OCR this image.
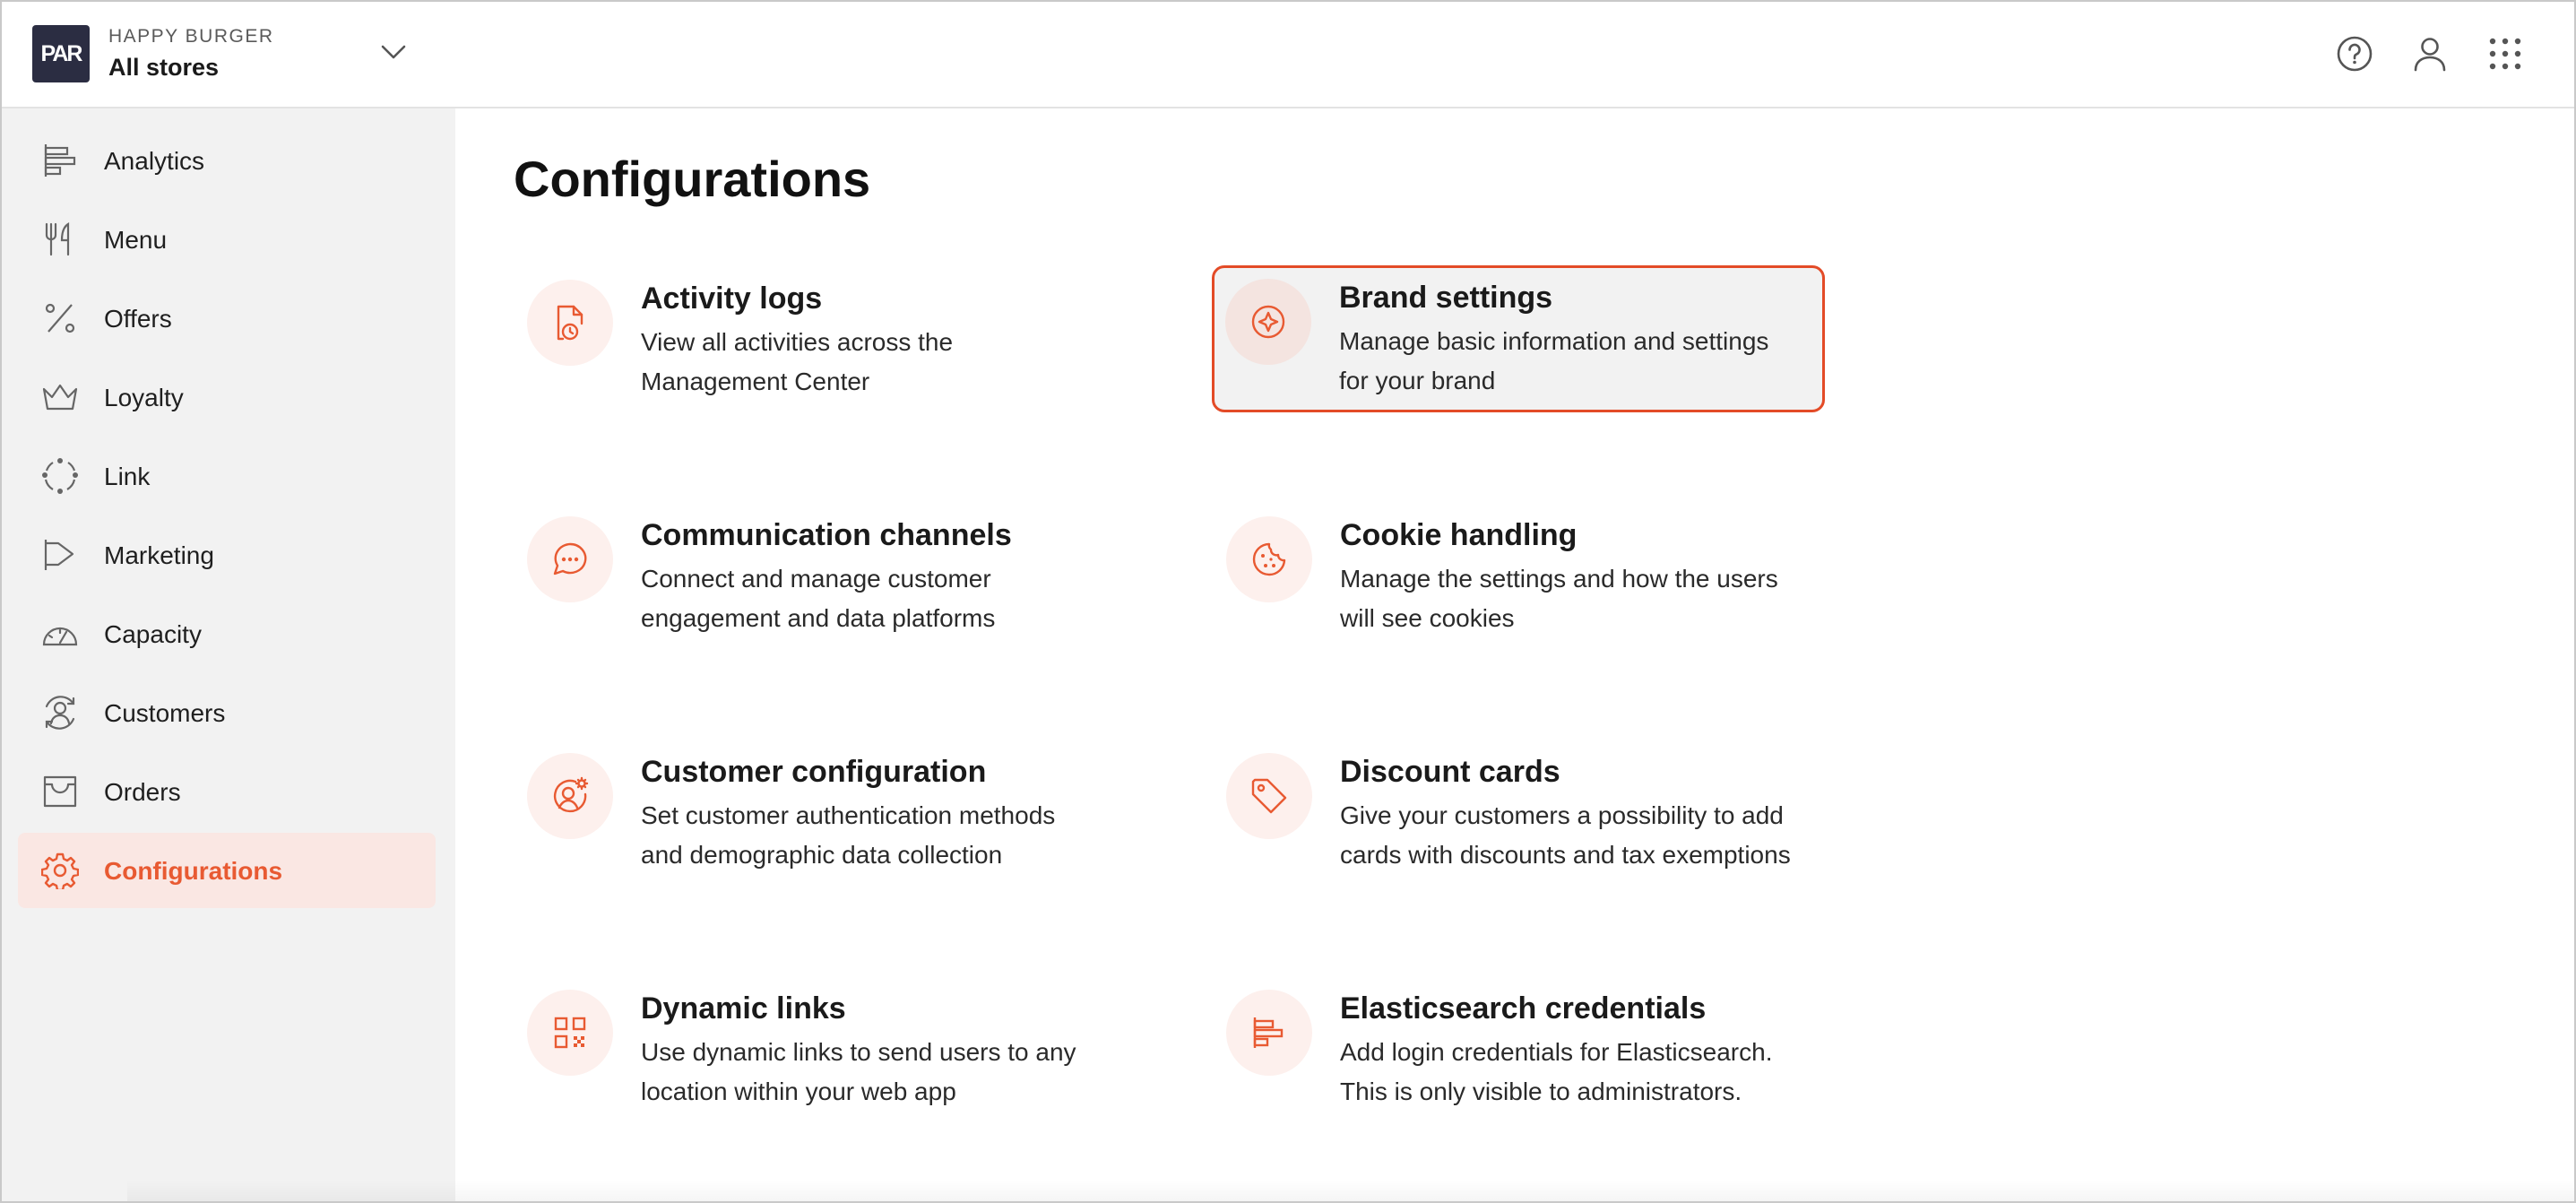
PAR
HAPPY BURGER
All stores
Analytics
Menu
Offers
Loyalty
Link
Marketing
Capacity
Customers
Orders
Configurations
Configurations
Activity logs
View all activities across the
Management Center
Brand settings
Manage basic information and settings
for your brand
Communication channels
Connect and manage customer
engagement and data platforms
Cookie handling
Manage the settings and how the users
will see cookies
Customer configuration
Set customer authentication methods
and demographic data collection
Discount cards
Give your customers a possibility to add
cards with discounts and tax exemptions
Dynamic links
Use dynamic links to send users to any
location within your web app
Elasticsearch credentials
Add login credentials for Elasticsearch.
This is only visible to administrators.
